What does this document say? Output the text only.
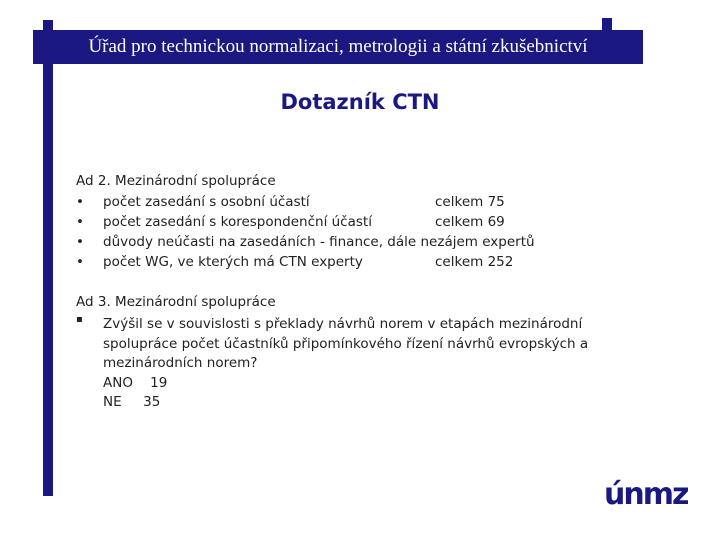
Úřad pro technickou normalizaci, metrologii a státní zkušebnictví
Dotazník CTN
Ad 2. Mezinárodní spolupráce
• počet zasedání s osobní účastí	celkem 75
• počet zasedání s korespondenční účastí	celkem 69
• důvody neúčasti na zasedáních - finance, dále nezájem expertů
• počet WG, ve kterých má CTN experty	celkem 252
Ad 3. Mezinárodní spolupráce
▪ Zvýšil se v souvislosti s překlady návrhů norem v etapách mezinárodní spolupráce počet účastníků připomínkového řízení návrhů evropských a mezinárodních norem?
ANO 19
NE 35
únmz
